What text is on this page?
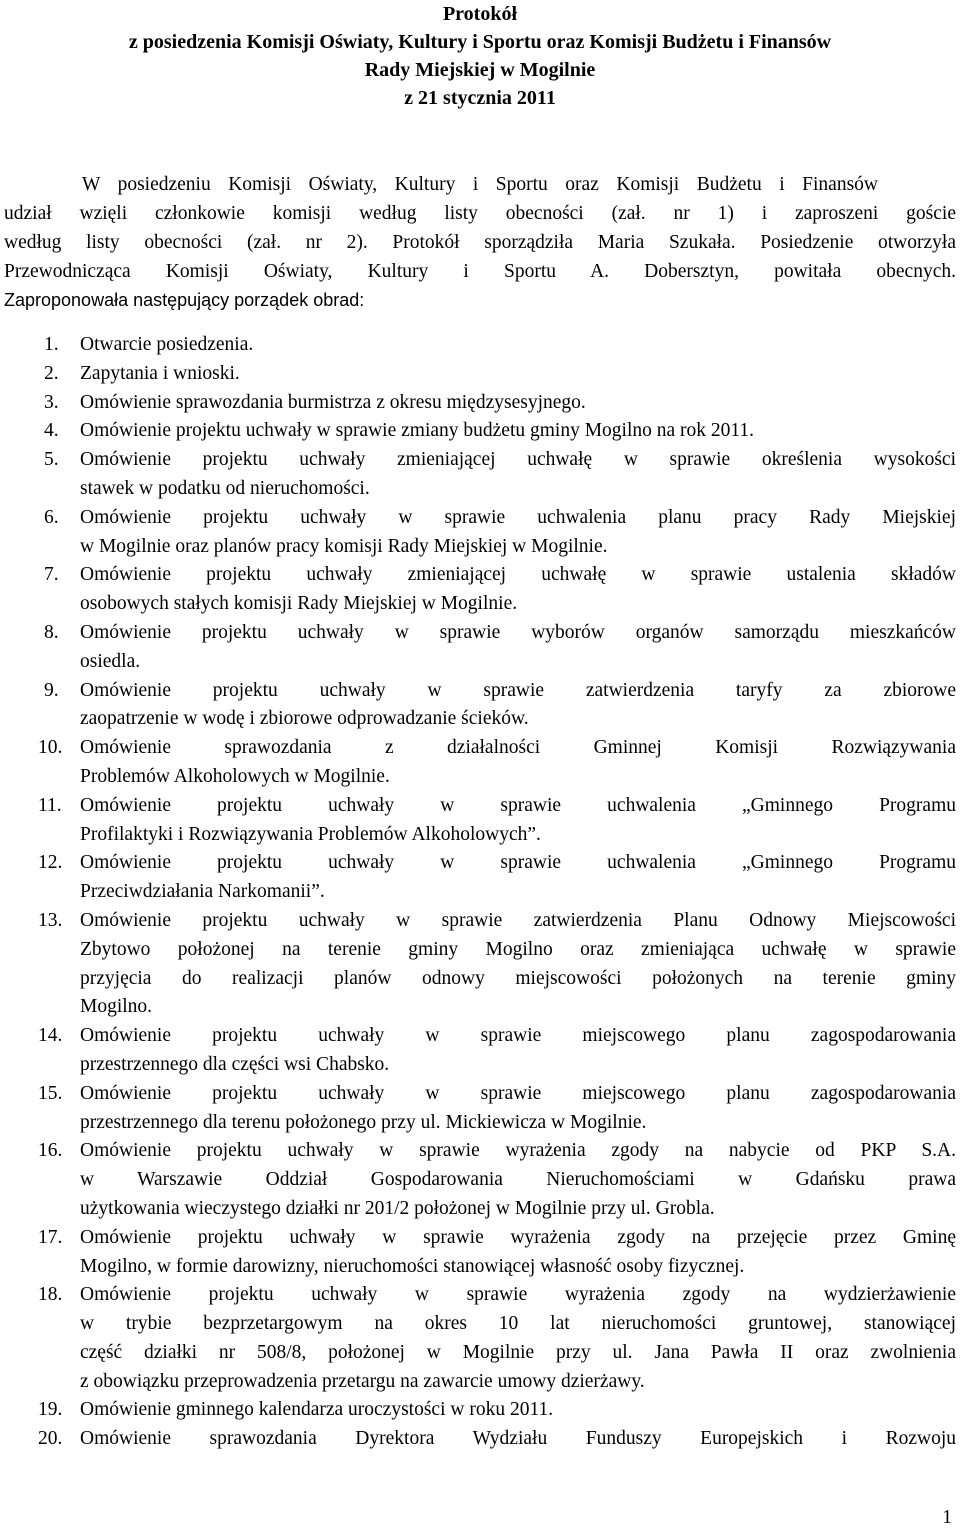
Protokół
z posiedzenia Komisji Oświaty, Kultury i Sportu oraz Komisji Budżetu i Finansów
Rady Miejskiej w Mogilnie
z 21 stycznia 2011
W posiedzeniu Komisji Oświaty, Kultury i Sportu oraz Komisji Budżetu i Finansów
udział wzięli członkowie komisji według listy obecności (zał. nr 1) i zaproszeni goście
według listy obecności (zał. nr 2). Protokół sporządziła Maria Szukała. Posiedzenie otworzyła
Przewodnicząca Komisji Oświaty, Kultury i Sportu A. Dobersztyn, powitała obecnych.
Zaproponowała następujący porządek obrad:
1.	Otwarcie posiedzenia.
2.	Zapytania i wnioski.
3.	Omówienie sprawozdania burmistrza z okresu międzysesyjnego.
4.	Omówienie projektu uchwały w sprawie zmiany budżetu gminy Mogilno na rok 2011.
5.	Omówienie projektu uchwały zmieniającej uchwałę w sprawie określenia wysokości
stawek w podatku od nieruchomości.
6.	Omówienie projektu uchwały w sprawie uchwalenia planu pracy Rady Miejskiej
w Mogilnie oraz planów pracy komisji Rady Miejskiej w Mogilnie.
7.	Omówienie projektu uchwały zmieniającej uchwałę w sprawie ustalenia składów
osobowych stałych komisji Rady Miejskiej w Mogilnie.
8.	Omówienie projektu uchwały w sprawie wyborów organów samorządu mieszkańców
osiedla.
9.	Omówienie projektu uchwały w sprawie zatwierdzenia taryfy za zbiorowe
zaopatrzenie w wodę i zbiorowe odprowadzanie ścieków.
10. Omówienie sprawozdania z działalności Gminnej Komisji Rozwiązywania
Problemów Alkoholowych w Mogilnie.
11. Omówienie projektu uchwały w sprawie uchwalenia „Gminnego Programu
Profilaktyki i Rozwiązywania Problemów Alkoholowych”.
12. Omówienie projektu uchwały w sprawie uchwalenia „Gminnego Programu
Przeciwdziałania Narkomanii”.
13. Omówienie projektu uchwały w sprawie zatwierdzenia Planu Odnowy Miejscowości
Zbytowo położonej na terenie gminy Mogilno oraz zmieniająca uchwałę w sprawie
przyjęcia do realizacji planów odnowy miejscowości położonych na terenie gminy
Mogilno.
14. Omówienie projektu uchwały w sprawie miejscowego planu zagospodarowania
przestrzennego dla części wsi Chabsko.
15. Omówienie projektu uchwały w sprawie miejscowego planu zagospodarowania
przestrzennego dla terenu położonego przy ul. Mickiewicza w Mogilnie.
16. Omówienie projektu uchwały w sprawie wyrażenia zgody na nabycie od PKP S.A.
w Warszawie Oddział Gospodarowania Nieruchomościami w Gdańsku prawa
użytkowania wieczystego działki nr 201/2 położonej w Mogilnie przy ul. Grobla.
17. Omówienie projektu uchwały w sprawie wyrażenia zgody na przejęcie przez Gminę
Mogilno, w formie darowizny, nieruchomości stanowiącej własność osoby fizycznej.
18. Omówienie projektu uchwały w sprawie wyrażenia zgody na wydzierżawienie
w trybie bezprzetargowym na okres 10 lat nieruchomości gruntowej, stanowiącej
część działki nr 508/8, położonej w Mogilnie przy ul. Jana Pawła II oraz zwolnienia
z obowiązku przeprowadzenia przetargu na zawarcie umowy dzierżawy.
19. Omówienie gminnego kalendarza uroczystości w roku 2011.
20. Omówienie sprawozdania Dyrektora Wydziału Funduszy Europejskich i Rozwoju
1
